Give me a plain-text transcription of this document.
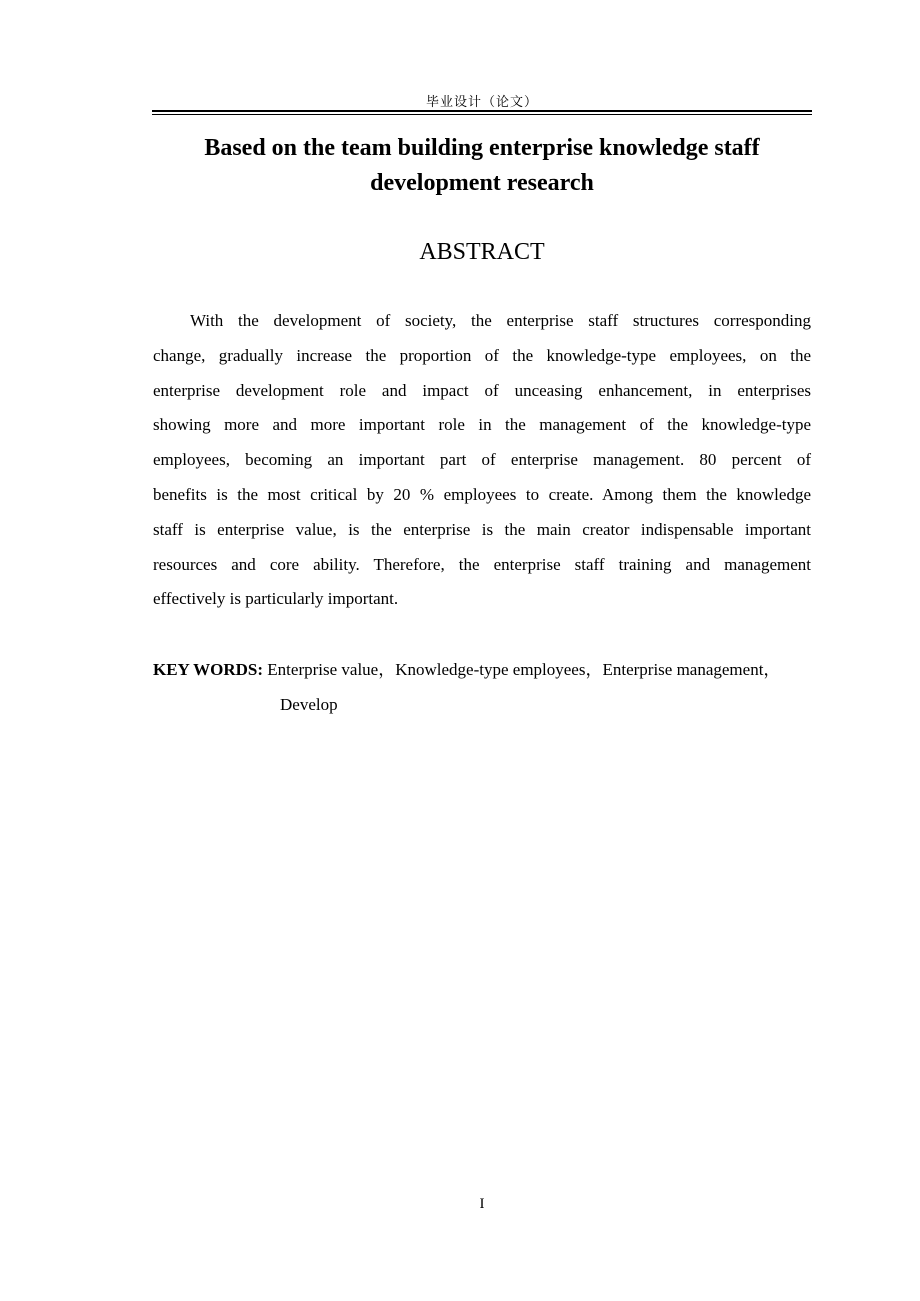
毕业设计（论文）
Based on the team building enterprise knowledge staff
development research
ABSTRACT
With the development of society, the enterprise staff structures corresponding
change, gradually increase the proportion of the knowledge-type employees, on the
enterprise development role and impact of unceasing enhancement, in enterprises
showing more and more important role in the management of the knowledge-type
employees, becoming an important part of enterprise management. 80 percent of
benefits is the most critical by 20 % employees to create. Among them the knowledge
staff is enterprise value, is the enterprise is the main creator indispensable important
resources and core ability. Therefore, the enterprise staff training and management
effectively is particularly important.
KEY WORDS: Enterprise value，Knowledge-type employees，Enterprise management，
Develop
I
